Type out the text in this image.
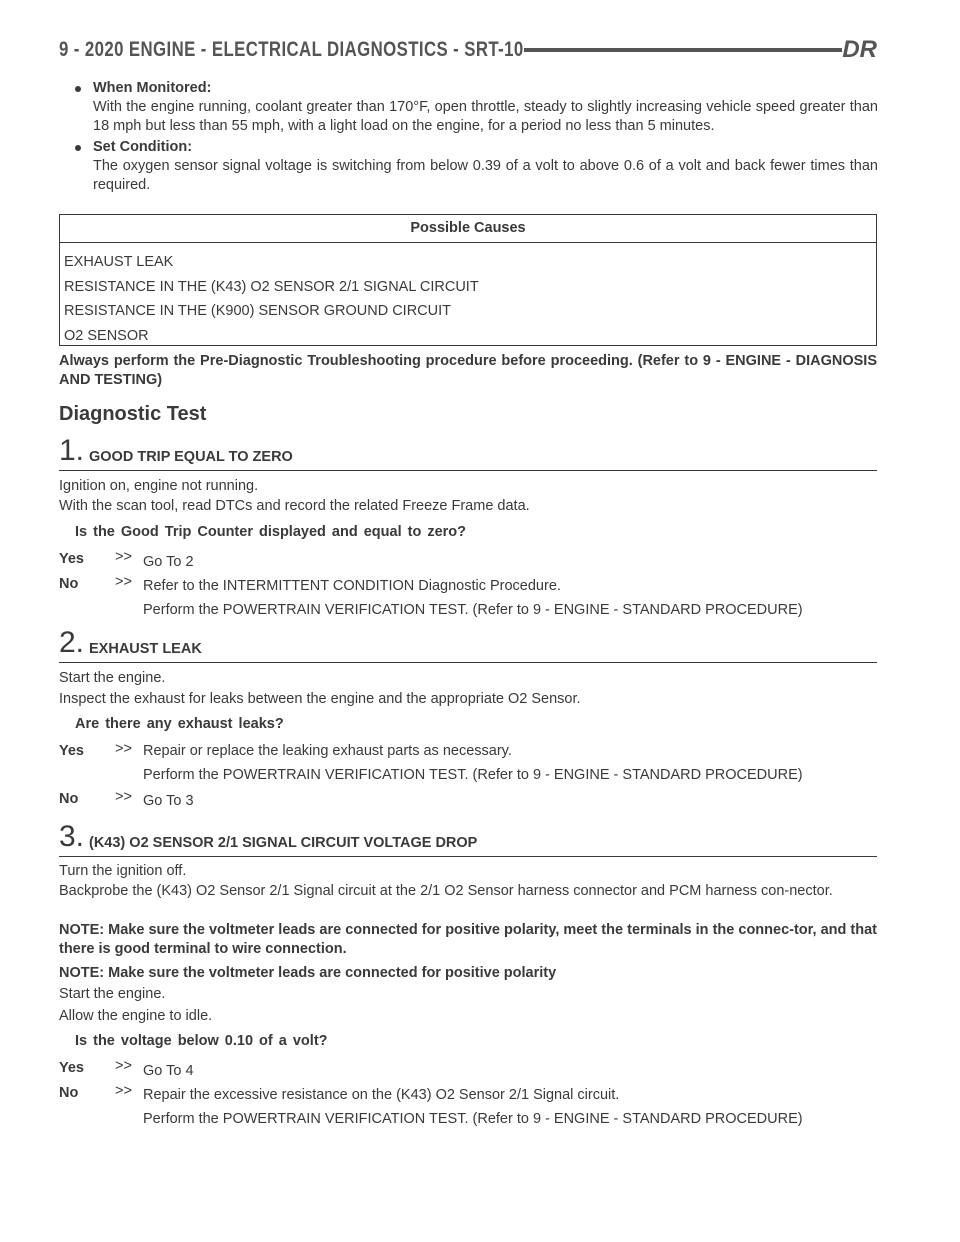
9 - 2020 ENGINE - ELECTRICAL DIAGNOSTICS - SRT-10	DR
When Monitored:
With the engine running, coolant greater than 170°F, open throttle, steady to slightly increasing vehicle speed greater than 18 mph but less than 55 mph, with a light load on the engine, for a period no less than 5 minutes.
Set Condition:
The oxygen sensor signal voltage is switching from below 0.39 of a volt to above 0.6 of a volt and back fewer times than required.
Possible Causes
EXHAUST LEAK
RESISTANCE IN THE (K43) O2 SENSOR 2/1 SIGNAL CIRCUIT
RESISTANCE IN THE (K900) SENSOR GROUND CIRCUIT
O2 SENSOR
Always perform the Pre-Diagnostic Troubleshooting procedure before proceeding. (Refer to 9 - ENGINE - DIAGNOSIS AND TESTING)
Diagnostic Test
1. GOOD TRIP EQUAL TO ZERO
Ignition on, engine not running.
With the scan tool, read DTCs and record the related Freeze Frame data.
Is the Good Trip Counter displayed and equal to zero?
Yes >> Go To 2
No	>> Refer to the INTERMITTENT CONDITION Diagnostic Procedure.
Perform the POWERTRAIN VERIFICATION TEST. (Refer to 9 - ENGINE - STANDARD PROCEDURE)
2. EXHAUST LEAK
Start the engine.
Inspect the exhaust for leaks between the engine and the appropriate O2 Sensor.
Are there any exhaust leaks?
Yes >> Repair or replace the leaking exhaust parts as necessary.
Perform the POWERTRAIN VERIFICATION TEST. (Refer to 9 - ENGINE - STANDARD PROCEDURE)
No	>> Go To 3
3. (K43) O2 SENSOR 2/1 SIGNAL CIRCUIT VOLTAGE DROP
Turn the ignition off.
Backprobe the (K43) O2 Sensor 2/1 Signal circuit at the 2/1 O2 Sensor harness connector and PCM harness con-nector.
NOTE: Make sure the voltmeter leads are connected for positive polarity, meet the terminals in the connec-tor, and that there is good terminal to wire connection.
NOTE: Make sure the voltmeter leads are connected for positive polarity
Start the engine.
Allow the engine to idle.
Is the voltage below 0.10 of a volt?
Yes >> Go To 4
No	>> Repair the excessive resistance on the (K43) O2 Sensor 2/1 Signal circuit.
Perform the POWERTRAIN VERIFICATION TEST. (Refer to 9 - ENGINE - STANDARD PROCEDURE)
